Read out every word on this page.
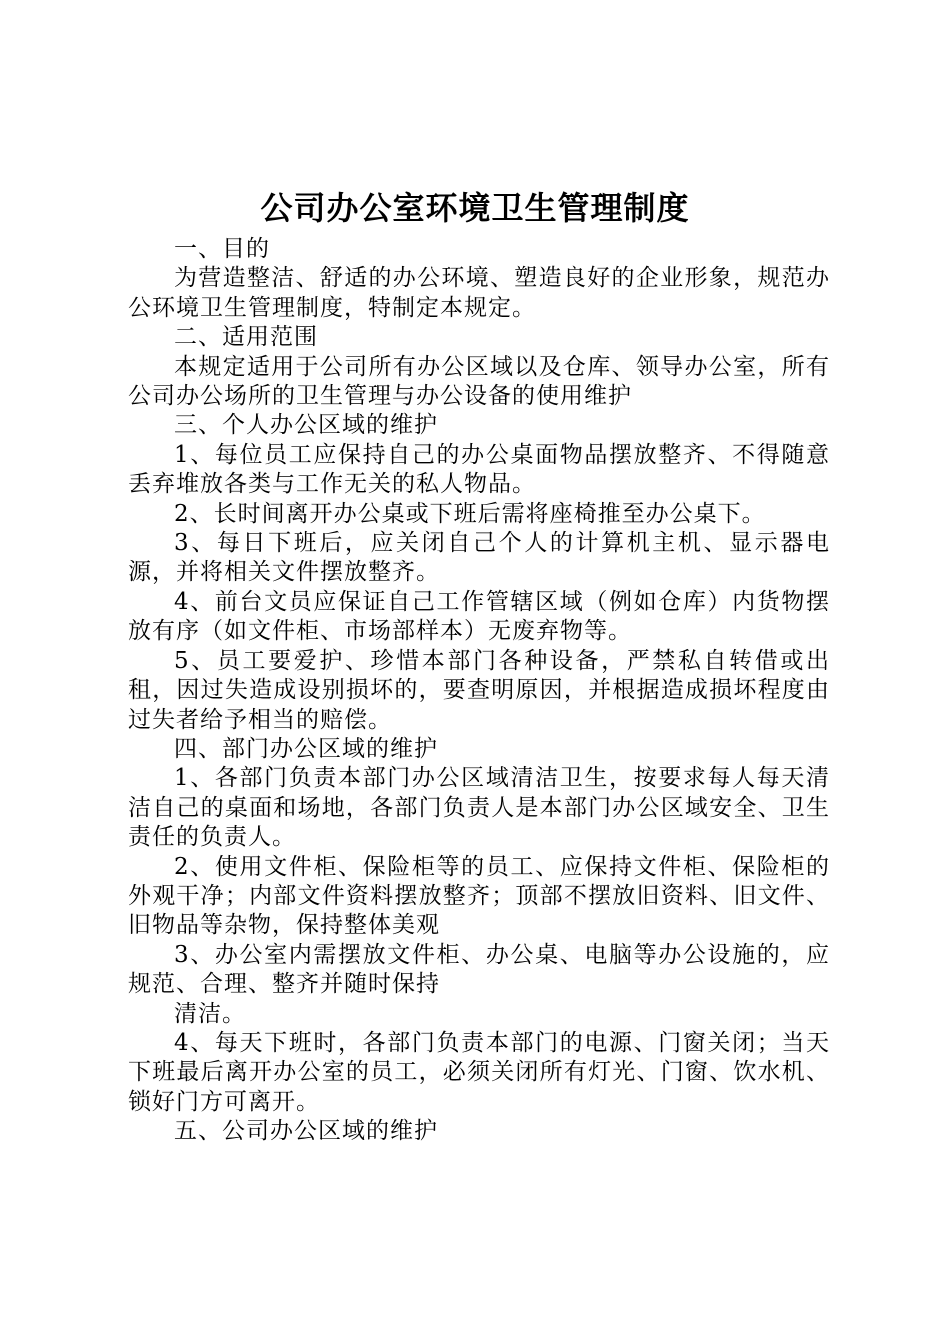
公司办公室环境卫生管理制度

一、目的

为营造整洁、舒适的办公环境、塑造良好的企业形象，规范办公环境卫生管理制度，特制定本规定。

二、适用范围

本规定适用于公司所有办公区域以及仓库、领导办公室，所有公司办公场所的卫生管理与办公设备的使用维护

三、个人办公区域的维护

1、每位员工应保持自己的办公桌面物品摆放整齐、不得随意丢弃堆放各类与工作无关的私人物品。

2、长时间离开办公桌或下班后需将座椅推至办公桌下。

3、每日下班后，应关闭自己个人的计算机主机、显示器电源，并将相关文件摆放整齐。

4、前台文员应保证自己工作管辖区域（例如仓库）内货物摆放有序（如文件柜、市场部样本）无废弃物等。

5、员工要爱护、珍惜本部门各种设备，严禁私自转借或出租，因过失造成设别损坏的，要查明原因，并根据造成损坏程度由过失者给予相当的赔偿。

四、部门办公区域的维护

1、各部门负责本部门办公区域清洁卫生，按要求每人每天清洁自己的桌面和场地，各部门负责人是本部门办公区域安全、卫生责任的负责人。

2、使用文件柜、保险柜等的员工、应保持文件柜、保险柜的外观干净；内部文件资料摆放整齐；顶部不摆放旧资料、旧文件、旧物品等杂物，保持整体美观

3、办公室内需摆放文件柜、办公桌、电脑等办公设施的，应规范、合理、整齐并随时保持

清洁。

4、每天下班时，各部门负责本部门的电源、门窗关闭；当天下班最后离开办公室的员工，必须关闭所有灯光、门窗、饮水机、锁好门方可离开。

五、公司办公区域的维护
